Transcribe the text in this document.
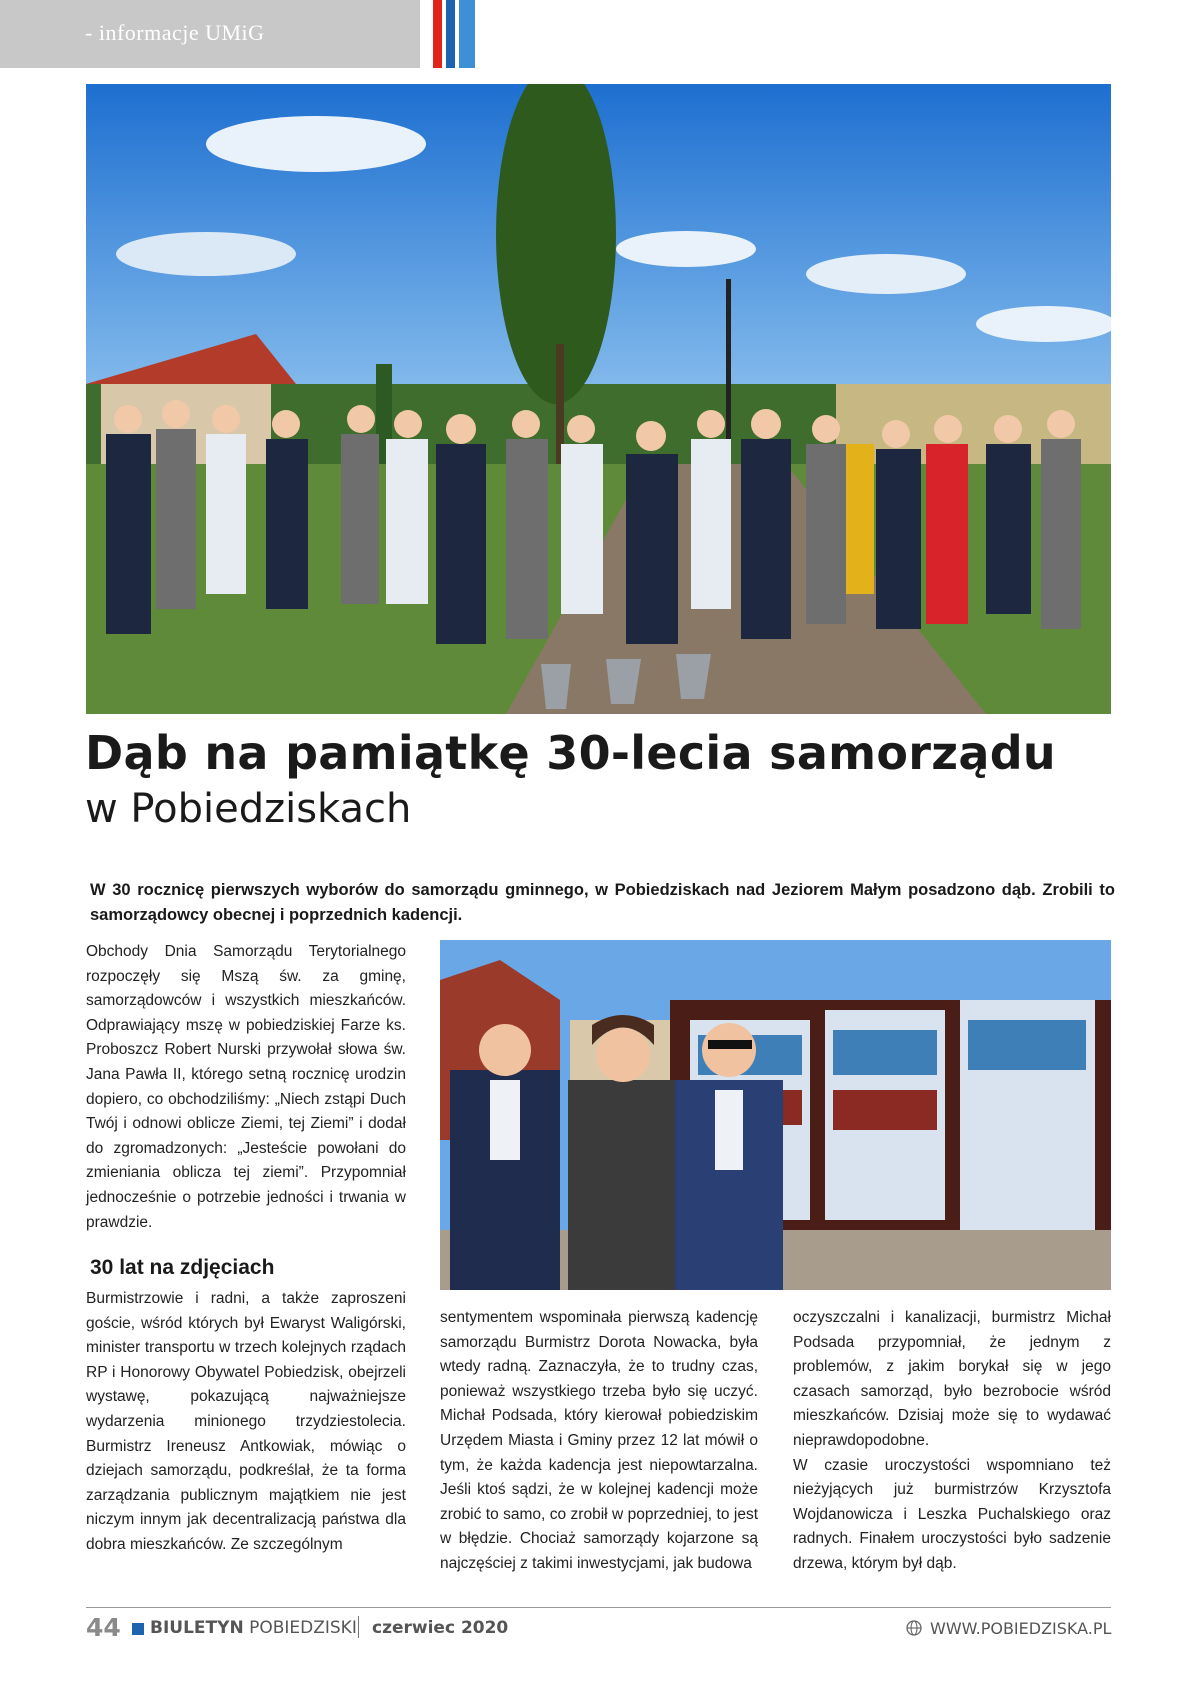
- informacje UMiG
Dąb na pamiątkę 30-lecia samorządu
w Pobiedziskach
W 30 rocznicę pierwszych wyborów do samorządu gminnego, w Pobiedziskach nad Jeziorem Małym posadzono dąb. Zrobili to samorządowcy obecnej i poprzednich kadencji.

Obchody Dnia Samorządu Terytorialnego rozpoczęły się Mszą św. za gminę, samorządowców i wszystkich mieszkańców. Odprawiający mszę w pobiedziskiej Farze ks. Proboszcz Robert Nurski przywołał słowa św. Jana Pawła II, którego setną rocznicę urodzin dopiero, co obchodziliśmy: „Niech zstąpi Duch Twój i odnowi oblicze Ziemi, tej Ziemi” i dodał do zgromadzonych: „Jesteście powołani do zmieniania oblicza tej ziemi”. Przypomniał jednocześnie o potrzebie jedności i trwania w prawdzie.

30 lat na zdjęciach

Burmistrzowie i radni, a także zaproszeni goście, wśród których był Ewaryst Waligórski, minister transportu w trzech kolejnych rządach RP i Honorowy Obywatel Pobiedzisk, obejrzeli wystawę, pokazującą najważniejsze wydarzenia minionego trzydziestolecia. Burmistrz Ireneusz Antkowiak, mówiąc o dziejach samorządu, podkreślał, że ta forma zarządzania publicznym majątkiem nie jest niczym innym jak decentralizacją państwa dla dobra mieszkańców. Ze szczególnym

sentymentem wspominała pierwszą kadencję samorządu Burmistrz Dorota Nowacka, była wtedy radną. Zaznaczyła, że to trudny czas, ponieważ wszystkiego trzeba było się uczyć. Michał Podsada, który kierował pobiedziskim Urzędem Miasta i Gminy przez 12 lat mówił o tym, że każda kadencja jest niepowtarzalna. Jeśli ktoś sądzi, że w kolejnej kadencji może zrobić to samo, co zrobił w poprzedniej, to jest w błędzie. Chociaż samorządy kojarzone są najczęściej z takimi inwestycjami, jak budowa

oczyszczalni i kanalizacji, burmistrz Michał Podsada przypomniał, że jednym z problemów, z jakim borykał się w jego czasach samorząd, było bezrobocie wśród mieszkańców. Dzisiaj może się to wydawać nieprawdopodobne.

W czasie uroczystości wspomniano też nieżyjących już burmistrzów Krzysztofa Wojdanowicza i Leszka Puchalskiego oraz radnych. Finałem uroczystości było sadzenie drzewa, którym był dąb.

44 BIULETYN POBIEDZISKI czerwiec 2020	WWW.POBIEDZISKA.PL
